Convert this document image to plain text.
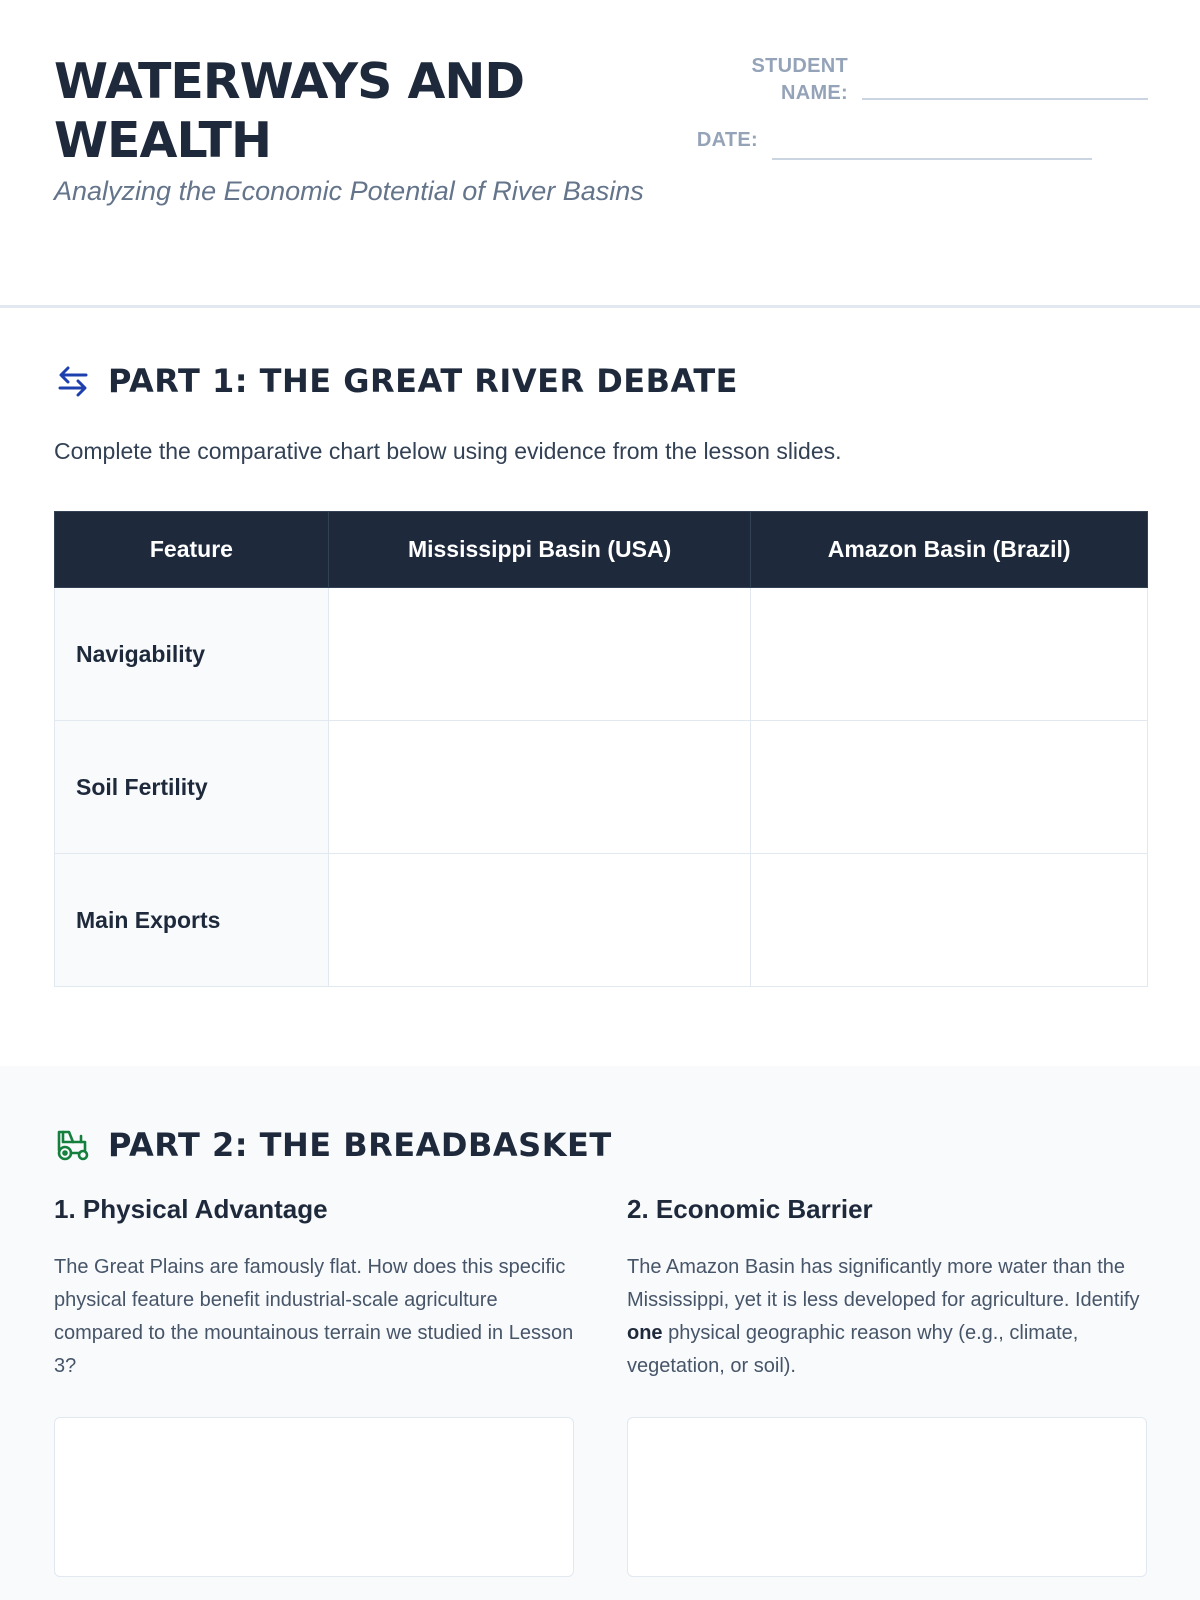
WATERWAYS AND WEALTH
Analyzing the Economic Potential of River Basins
STUDENT NAME:
DATE:
PART 1: THE GREAT RIVER DEBATE

Complete the comparative chart below using evidence from the lesson slides.

Feature	Mississippi Basin (USA)	Amazon Basin (Brazil)
Navigability		
Soil Fertility		
Main Exports		
PART 2: THE BREADBASKET
1. Physical Advantage

The Great Plains are famously flat. How does this specific physical feature benefit industrial-scale agriculture compared to the mountainous terrain we studied in Lesson 3?

2. Economic Barrier

The Amazon Basin has significantly more water than the Mississippi, yet it is less developed for agriculture. Identify one physical geographic reason why (e.g., climate, vegetation, or soil).
